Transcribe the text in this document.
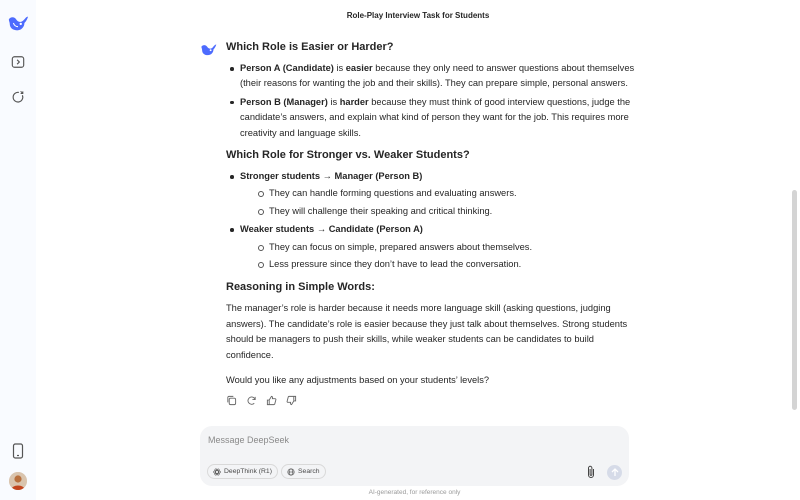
Role-Play Interview Task for Students
Which Role is Easier or Harder?
Person A (Candidate) is easier because they only need to answer questions about themselves (their reasons for wanting the job and their skills). They can prepare simple, personal answers.
Person B (Manager) is harder because they must think of good interview questions, judge the candidate’s answers, and explain what kind of person they want for the job. This requires more creativity and language skills.
Which Role for Stronger vs. Weaker Students?
Stronger students → Manager (Person B)
They can handle forming questions and evaluating answers.
They will challenge their speaking and critical thinking.
Weaker students → Candidate (Person A)
They can focus on simple, prepared answers about themselves.
Less pressure since they don’t have to lead the conversation.
Reasoning in Simple Words:

The manager’s role is harder because it needs more language skill (asking questions, judging answers). The candidate’s role is easier because they just talk about themselves. Strong students should be managers to push their skills, while weaker students can be candidates to build confidence.

Would you like any adjustments based on your students’ levels?

Message DeepSeek
DeepThink (R1)	Search
AI-generated, for reference only
